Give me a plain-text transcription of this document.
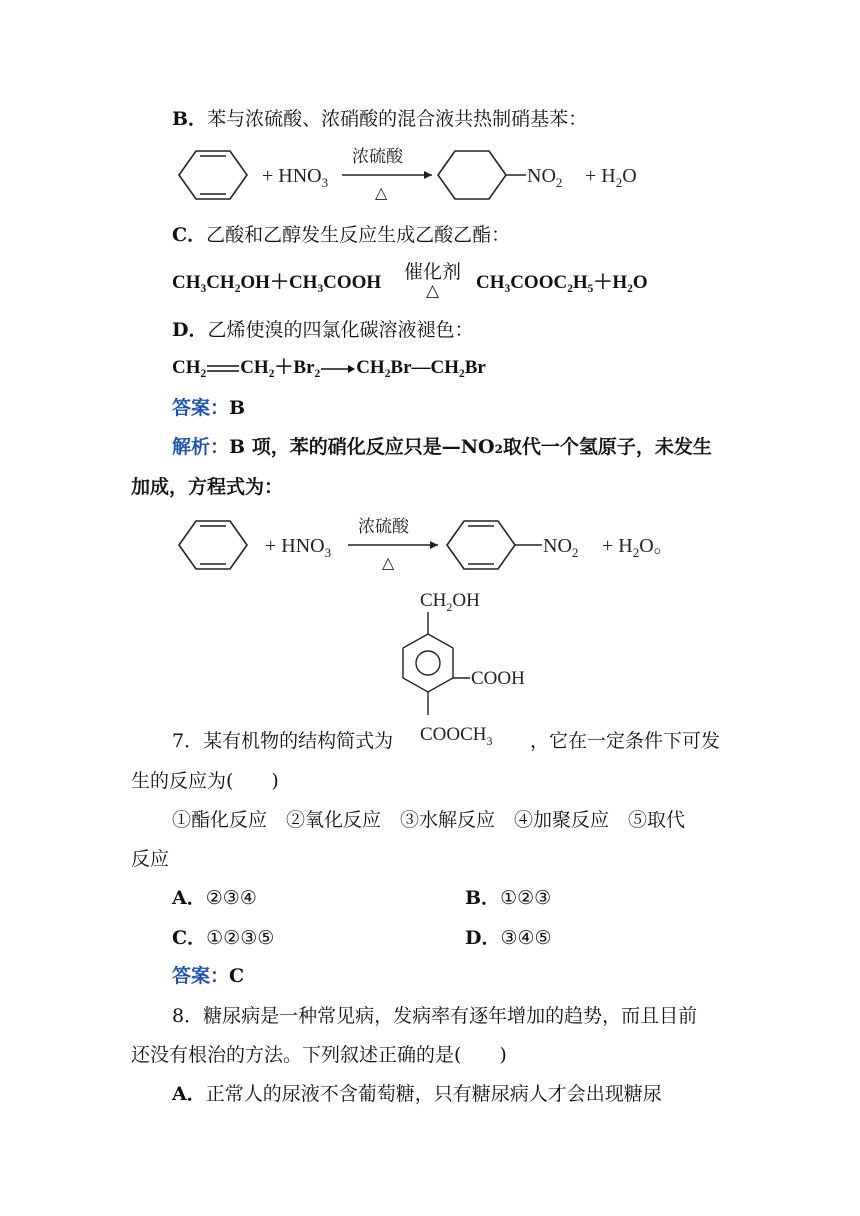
B．苯与浓硫酸、浓硝酸的混合液共热制硝基苯：
+ $HNO_3$
浓硫酸
△
$NO_2 + H_2O$
C．乙酸和乙醇发生反应生成乙酸乙酯：
CH₃CH₂OH＋CH₃COOH 催化剂
△ CH₃COOC₂H₅＋H₂O
D．乙烯使溴的四氯化碳溶液褪色：
CH₂ CH₂＋Br₂ CH₂Br—CH₂Br
答案：B
解析：B 项，苯的硝化反应只是—NO₂取代一个氢原子，未发生
加成，方程式为：
+ $HNO_3$
浓硫酸
△
$NO_2 + H_2O$。
$CH_2OH$
COOH
$COOCH_3$
7．某有机物的结构简式为	，它在一定条件下可发
生的反应为(　　)
①酯化反应　②氧化反应　③水解反应　④加聚反应　⑤取代
反应
A．②③④	B．①②③
C．①②③⑤	D．③④⑤
答案：C
8．糖尿病是一种常见病，发病率有逐年增加的趋势，而且目前
还没有根治的方法。下列叙述正确的是(　　)
A．正常人的尿液不含葡萄糖，只有糖尿病人才会出现糖尿
